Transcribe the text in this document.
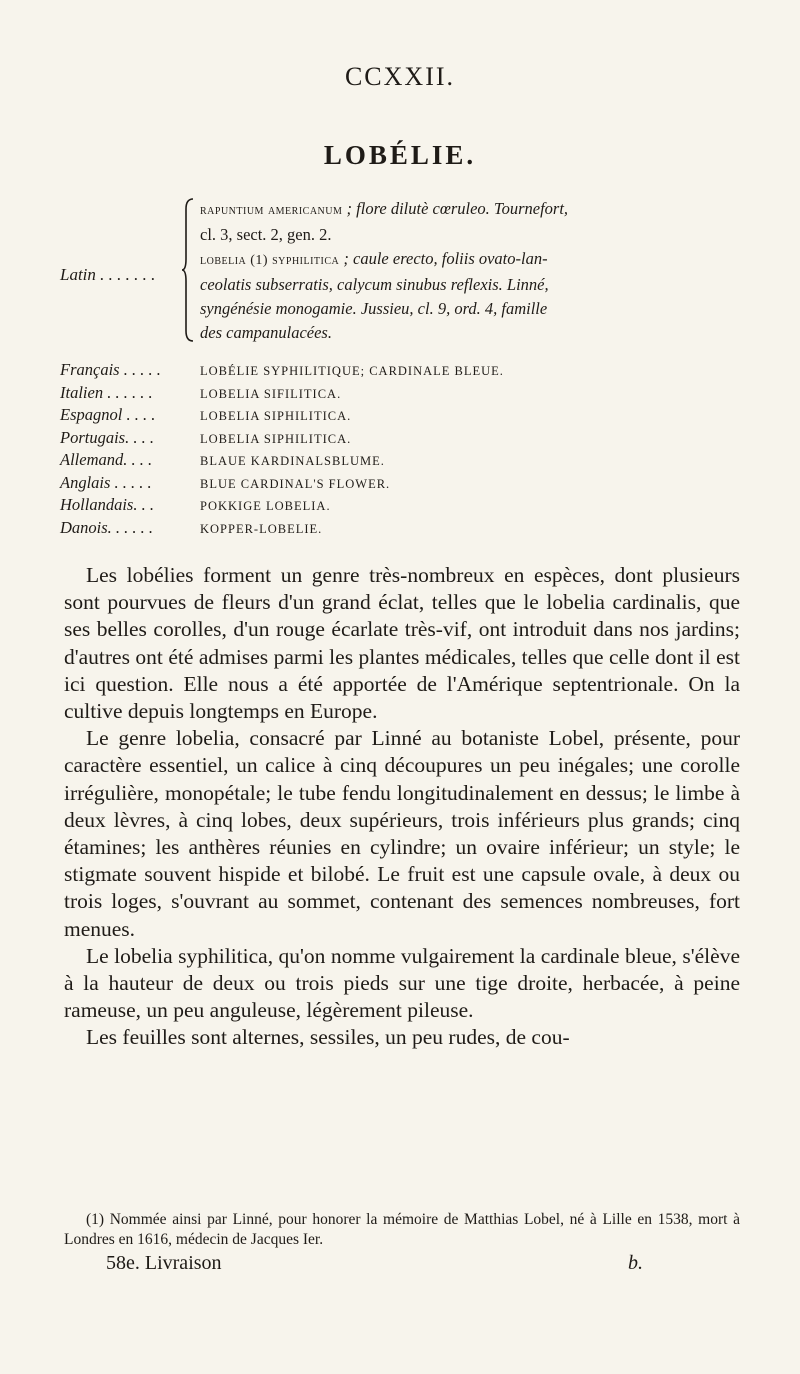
CCXXII.
LOBÉLIE.
Latin . . . . . . .
rapuntium americanum ; flore dilutè cœruleo. Tournefort,
cl. 3, sect. 2, gen. 2.
lobelia (1) syphilitica ; caule erecto, foliis ovato-lan-
ceolatis subserratis, calycum sinubus reflexis. Linné,
syngénésie monogamie. Jussieu, cl. 9, ord. 4, famille
des campanulacées.
Français . . . . .	LOBÉLIE SYPHILITIQUE; CARDINALE BLEUE.
Italien . . . . . .	LOBELIA SIFILITICA.
Espagnol . . . .	LOBELIA SIPHILITICA.
Portugais. . . .	LOBELIA SIPHILITICA.
Allemand. . . .	BLAUE KARDINALSBLUME.
Anglais . . . . .	BLUE CARDINAL'S FLOWER.
Hollandais. . .	POKKIGE LOBELIA.
Danois. . . . . .	KOPPER-LOBELIE.

Les lobélies forment un genre très-nombreux en espèces, dont plusieurs sont pourvues de fleurs d'un grand éclat, telles que le lobelia cardinalis, que ses belles corolles, d'un rouge écarlate très-vif, ont introduit dans nos jardins; d'autres ont été admises parmi les plantes médicales, telles que celle dont il est ici question. Elle nous a été apportée de l'Amérique septentrionale. On la cultive depuis longtemps en Europe.

Le genre lobelia, consacré par Linné au botaniste Lobel, présente, pour caractère essentiel, un calice à cinq découpures un peu inégales; une corolle irrégulière, monopétale; le tube fendu longitudinalement en dessus; le limbe à deux lèvres, à cinq lobes, deux supérieurs, trois inférieurs plus grands; cinq étamines; les anthères réunies en cylindre; un ovaire inférieur; un style; le stigmate souvent hispide et bilobé. Le fruit est une capsule ovale, à deux ou trois loges, s'ouvrant au sommet, contenant des semences nombreuses, fort menues.

Le lobelia syphilitica, qu'on nomme vulgairement la cardinale bleue, s'élève à la hauteur de deux ou trois pieds sur une tige droite, herbacée, à peine rameuse, un peu anguleuse, légèrement pileuse.

Les feuilles sont alternes, sessiles, un peu rudes, de cou-

(1) Nommée ainsi par Linné, pour honorer la mémoire de Matthias Lobel, né à Lille en 1538, mort à Londres en 1616, médecin de Jacques Ier.
58e. Livraison	b.
